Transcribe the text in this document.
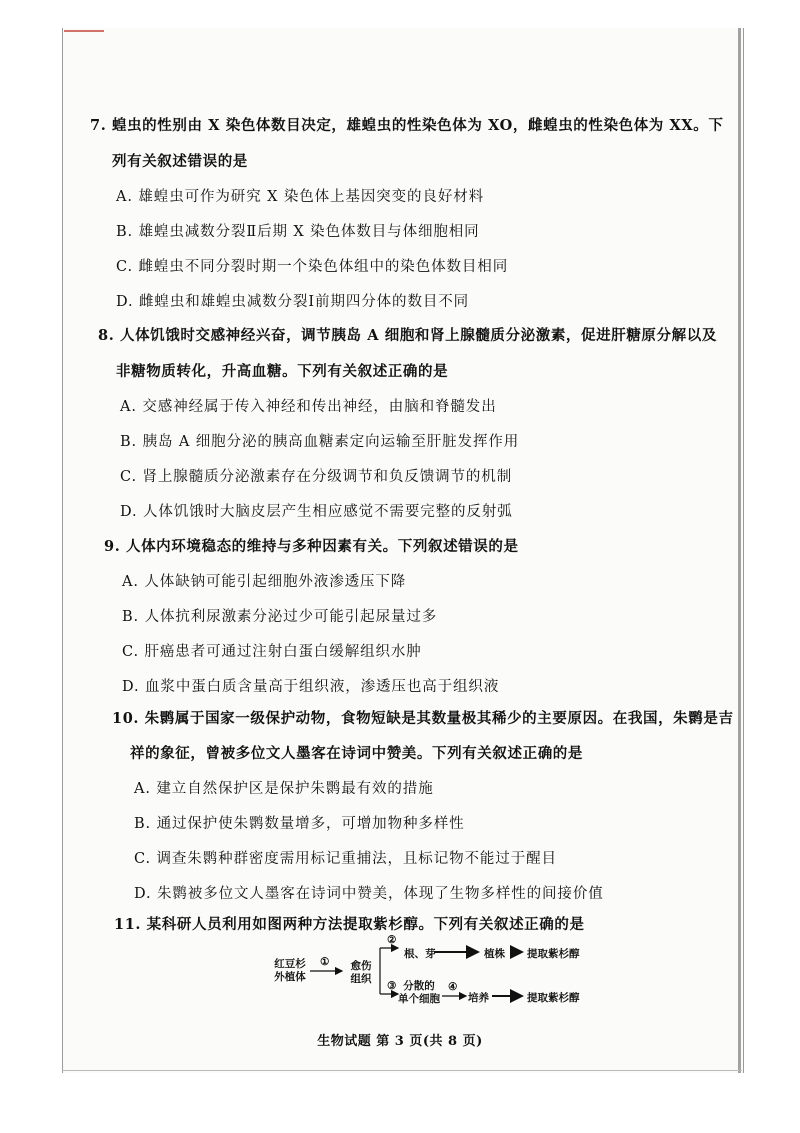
7. 蝗虫的性别由 X 染色体数目决定，雄蝗虫的性染色体为 XO，雌蝗虫的性染色体为 XX。下
列有关叙述错误的是
A. 雄蝗虫可作为研究 X 染色体上基因突变的良好材料
B. 雄蝗虫减数分裂Ⅱ后期 X 染色体数目与体细胞相同
C. 雌蝗虫不同分裂时期一个染色体组中的染色体数目相同
D. 雌蝗虫和雄蝗虫减数分裂Ⅰ前期四分体的数目不同
8. 人体饥饿时交感神经兴奋，调节胰岛 A 细胞和肾上腺髓质分泌激素，促进肝糖原分解以及
非糖物质转化，升高血糖。下列有关叙述正确的是
A. 交感神经属于传入神经和传出神经，由脑和脊髓发出
B. 胰岛 A 细胞分泌的胰高血糖素定向运输至肝脏发挥作用
C. 肾上腺髓质分泌激素存在分级调节和负反馈调节的机制
D. 人体饥饿时大脑皮层产生相应感觉不需要完整的反射弧
9. 人体内环境稳态的维持与多种因素有关。下列叙述错误的是
A. 人体缺钠可能引起细胞外液渗透压下降
B. 人体抗利尿激素分泌过少可能引起尿量过多
C. 肝癌患者可通过注射白蛋白缓解组织水肿
D. 血浆中蛋白质含量高于组织液，渗透压也高于组织液
10. 朱鹮属于国家一级保护动物，食物短缺是其数量极其稀少的主要原因。在我国，朱鹮是吉
祥的象征，曾被多位文人墨客在诗词中赞美。下列有关叙述正确的是
A. 建立自然保护区是保护朱鹮最有效的措施
B. 通过保护使朱鹮数量增多，可增加物种多样性
C. 调查朱鹮种群密度需用标记重捕法，且标记物不能过于醒目
D. 朱鹮被多位文人墨客在诗词中赞美，体现了生物多样性的间接价值
11. 某科研人员利用如图两种方法提取紫杉醇。下列有关叙述正确的是
红豆杉
外植体
①	愈伤
组织
②
根、芽	植株 提取紫杉醇
③ 分散的
单个细胞
④
培养	提取紫杉醇
生物试题 第 3 页(共 8 页)
